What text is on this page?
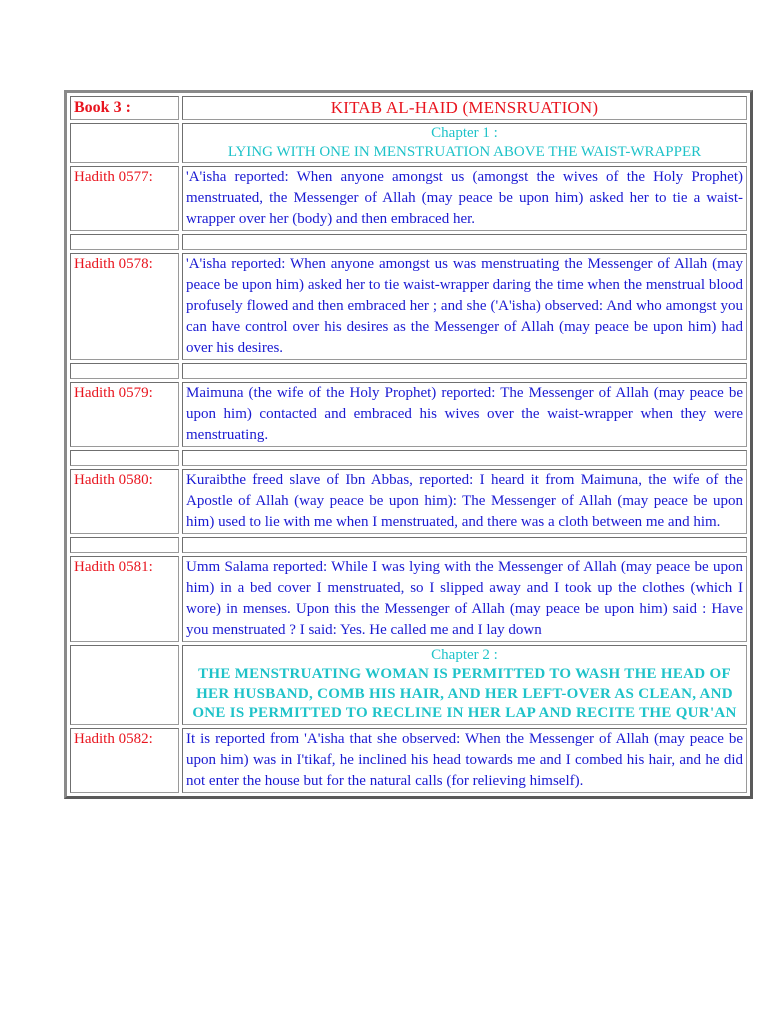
Book 3 :	KITAB AL-HAID (MENSRUATION)

	Chapter 1 :
LYING WITH ONE IN MENSTRUATION ABOVE THE WAIST-WRAPPER

Hadith 0577:	'A'isha reported: When anyone amongst us (amongst the wives of the Holy Prophet) menstruated, the Messenger of Allah (may peace be upon him) asked her to tie a waist-wrapper over her (body) and then embraced her.

Hadith 0578:	'A'isha reported: When anyone amongst us was menstruating the Messenger of Allah (may peace be upon him) asked her to tie waist-wrapper daring the time when the menstrual blood profusely flowed and then embraced her ; and she ('A'isha) observed: And who amongst you can have control over his desires as the Messenger of Allah (may peace be upon him) had over his desires.

Hadith 0579:	Maimuna (the wife of the Holy Prophet) reported: The Messenger of Allah (may peace be upon him) contacted and embraced his wives over the waist-wrapper when they were menstruating.

Hadith 0580:	Kuraibthe freed slave of Ibn Abbas, reported: I heard it from Maimuna, the wife of the Apostle of Allah (way peace be upon him): The Messenger of Allah (may peace be upon him) used to lie with me when I menstruated, and there was a cloth between me and him.

Hadith 0581:	Umm Salama reported: While I was lying with the Messenger of Allah (may peace be upon him) in a bed cover I menstruated, so I slipped away and I took up the clothes (which I wore) in menses. Upon this the Messenger of Allah (may peace be upon him) said : Have you menstruated ? I said: Yes. He called me and I lay down

	Chapter 2 :
THE MENSTRUATING WOMAN IS PERMITTED TO WASH THE HEAD OF HER HUSBAND, COMB HIS HAIR, AND HER LEFT-OVER AS CLEAN, AND ONE IS PERMITTED TO RECLINE IN HER LAP AND RECITE THE QUR'AN

Hadith 0582:	It is reported from 'A'isha that she observed: When the Messenger of Allah (may peace be upon him) was in I'tikaf, he inclined his head towards me and I combed his hair, and he did not enter the house but for the natural calls (for relieving himself).
